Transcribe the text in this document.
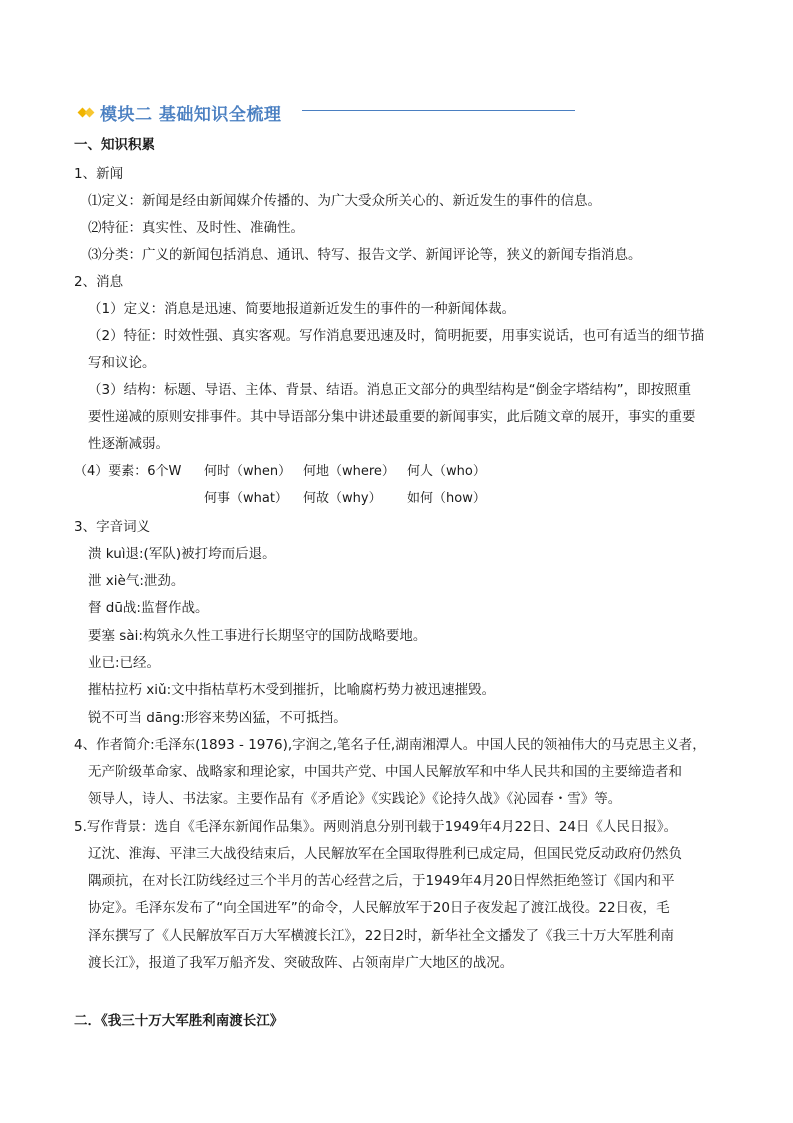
模块二 基础知识全梳理
一、知识积累
1、新闻
⑴定义：新闻是经由新闻媒介传播的、为广大受众所关心的、新近发生的事件的信息。
⑵特征：真实性、及时性、准确性。
⑶分类：广义的新闻包括消息、通讯、特写、报告文学、新闻评论等，狭义的新闻专指消息。
2、消息
（1）定义：消息是迅速、简要地报道新近发生的事件的一种新闻体裁。
（2）特征：时效性强、真实客观。写作消息要迅速及时，简明扼要，用事实说话，也可有适当的细节描
写和议论。
（3）结构：标题、导语、主体、背景、结语。消息正文部分的典型结构是“倒金字塔结构”，即按照重
要性递减的原则安排事件。其中导语部分集中讲述最重要的新闻事实，此后随文章的展开，事实的重要
性逐渐减弱。
（4）要素：6个W 何时（when） 何地（where） 何人（who）
何事（what） 何故（why） 如何（how）
3、字音词义
溃 kuì退:(军队)被打垮而后退。
泄 xiè气:泄劲。
督 dū战:监督作战。
要塞 sài:构筑永久性工事进行长期坚守的国防战略要地。
业已:已经。
摧枯拉朽 xiǔ:文中指枯草朽木受到摧折，比喻腐朽势力被迅速摧毁。
锐不可当 dāng:形容来势凶猛，不可抵挡。
4、作者简介:毛泽东(1893 - 1976),字润之,笔名子任,湖南湘潭人。中国人民的领袖伟大的马克思主义者，
无产阶级革命家、战略家和理论家，中国共产党、中国人民解放军和中华人民共和国的主要缔造者和
领导人，诗人、书法家。主要作品有《矛盾论》《实践论》《论持久战》《沁园春・雪》等。
5.写作背景：选自《毛泽东新闻作品集》。两则消息分别刊载于1949年4月22日、24日《人民日报》。
辽沈、淮海、平津三大战役结束后，人民解放军在全国取得胜利已成定局，但国民党反动政府仍然负
隅顽抗，在对长江防线经过三个半月的苦心经营之后，于1949年4月20日悍然拒绝签订《国内和平
协定》。毛泽东发布了“向全国进军”的命令，人民解放军于20日子夜发起了渡江战役。22日夜，毛
泽东撰写了《人民解放军百万大军横渡长江》，22日2时，新华社全文播发了《我三十万大军胜利南
渡长江》，报道了我军万船齐发、突破敌阵、占领南岸广大地区的战况。
二．《我三十万大军胜利南渡长江》
